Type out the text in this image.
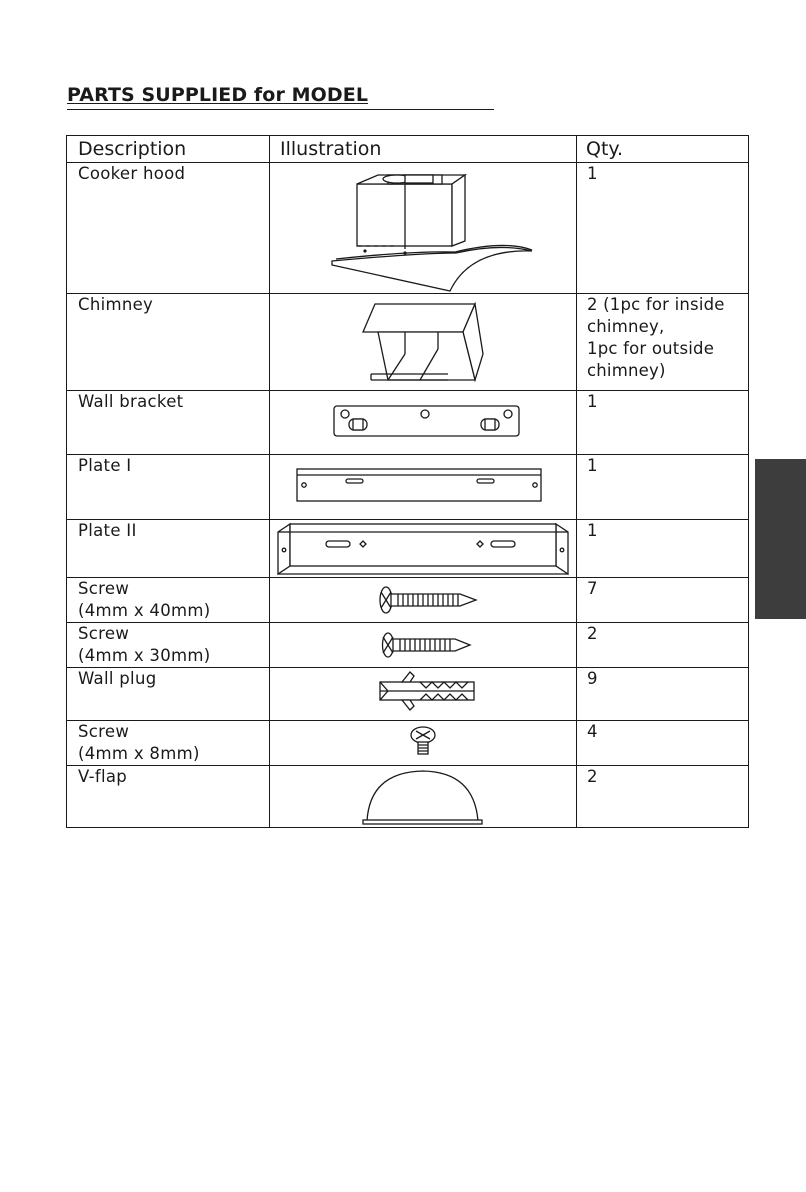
PARTS SUPPLIED for MODEL
Description	Illustration	Qty.

Cooker hood		1

Chimney		2 (1pc for inside
chimney,
1pc for outside
chimney)

Wall bracket		1

Plate I		1

Plate II		1

Screw
(4mm x 40mm)		7

Screw
(4mm x 30mm)		2

Wall plug		9

Screw
(4mm x 8mm)		4

V-flap		2
